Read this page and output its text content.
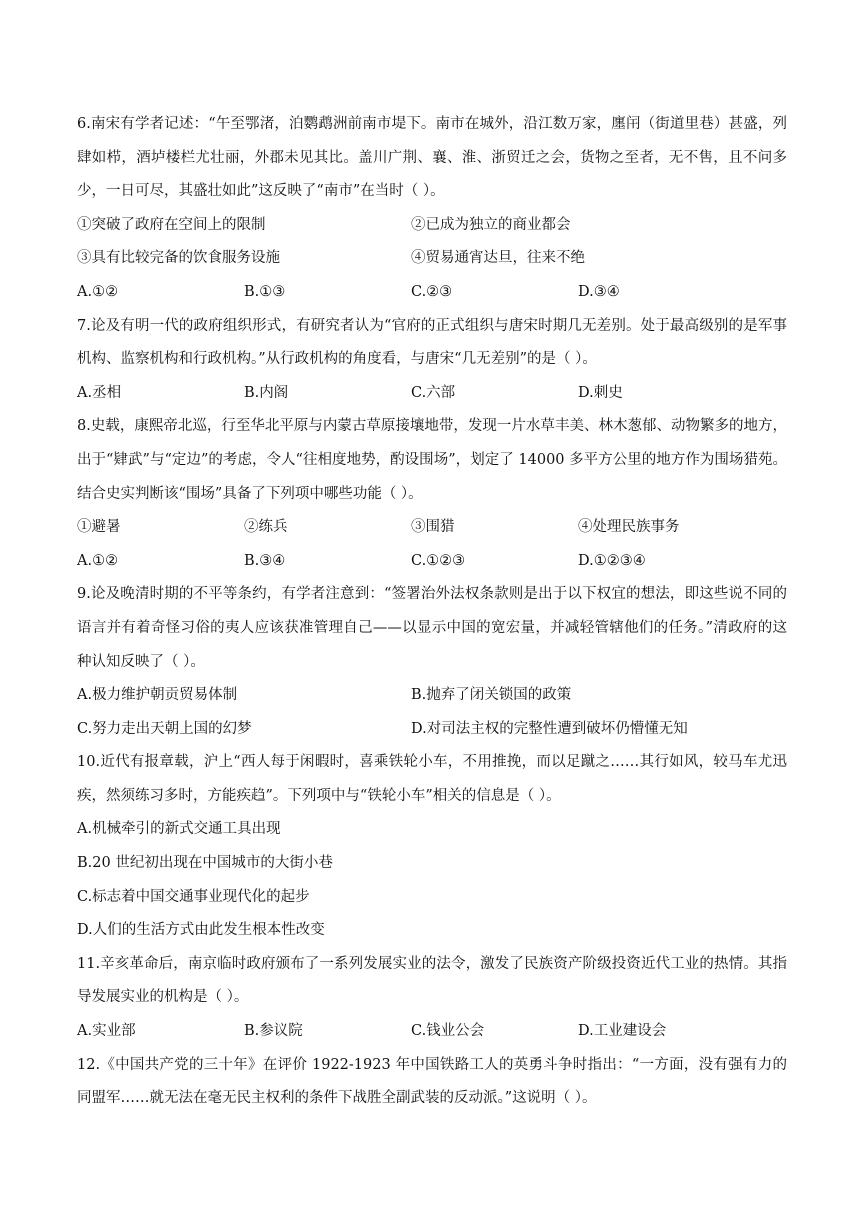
6.南宋有学者记述：“午至鄂渚，泊鹦鹉洲前南市堤下。南市在城外，沿江数万家，廛闬（街道里巷）甚盛，列肆如栉，酒垆楼栏尤壮丽，外郡未见其比。盖川广荆、襄、淮、浙贸迁之会，货物之至者，无不售，且不问多少，一日可尽，其盛壮如此”这反映了“南市”在当时（ ）。

①突破了政府在空间上的限制	②已成为独立的商业都会
③具有比较完备的饮食服务设施	④贸易通宵达旦，往来不绝
A.①②	B.①③	C.②③	D.③④

7.论及有明一代的政府组织形式，有研究者认为“官府的正式组织与唐宋时期几无差别。处于最高级别的是军事机构、监察机构和行政机构。”从行政机构的角度看，与唐宋“几无差别”的是（ ）。

A.丞相	B.内阁	C.六部	D.刺史

8.史载，康熙帝北巡，行至华北平原与内蒙古草原接壤地带，发现一片水草丰美、林木葱郁、动物繁多的地方，出于“肄武”与“定边”的考虑，令人“往相度地势，酌设围场”，划定了 14000 多平方公里的地方作为围场猎苑。结合史实判断该“围场”具备了下列项中哪些功能（ ）。

①避暑	②练兵	③围猎	④处理民族事务
A.①②	B.③④	C.①②③	D.①②③④

9.论及晚清时期的不平等条约，有学者注意到：“签署治外法权条款则是出于以下权宜的想法，即这些说不同的语言并有着奇怪习俗的夷人应该获准管理自己——以显示中国的宽宏量，并减轻管辖他们的任务。”清政府的这种认知反映了（ ）。

A.极力维护朝贡贸易体制	B.抛弃了闭关锁国的政策
C.努力走出天朝上国的幻梦	D.对司法主权的完整性遭到破坏仍懵懂无知

10.近代有报章载，沪上“西人每于闲暇时，喜乘铁轮小车，不用推挽，而以足蹴之……其行如风，较马车尤迅疾，然须练习多时，方能疾趋”。下列项中与“铁轮小车”相关的信息是（ ）。

A.机械牵引的新式交通工具出现
B.20 世纪初出现在中国城市的大街小巷
C.标志着中国交通事业现代化的起步
D.人们的生活方式由此发生根本性改变

11.辛亥革命后，南京临时政府颁布了一系列发展实业的法令，激发了民族资产阶级投资近代工业的热情。其指导发展实业的机构是（ ）。

A.实业部	B.参议院	C.钱业公会	D.工业建设会

12.《中国共产党的三十年》在评价 1922-1923 年中国铁路工人的英勇斗争时指出：“一方面，没有强有力的同盟军……就无法在毫无民主权利的条件下战胜全副武装的反动派。”这说明（ ）。
